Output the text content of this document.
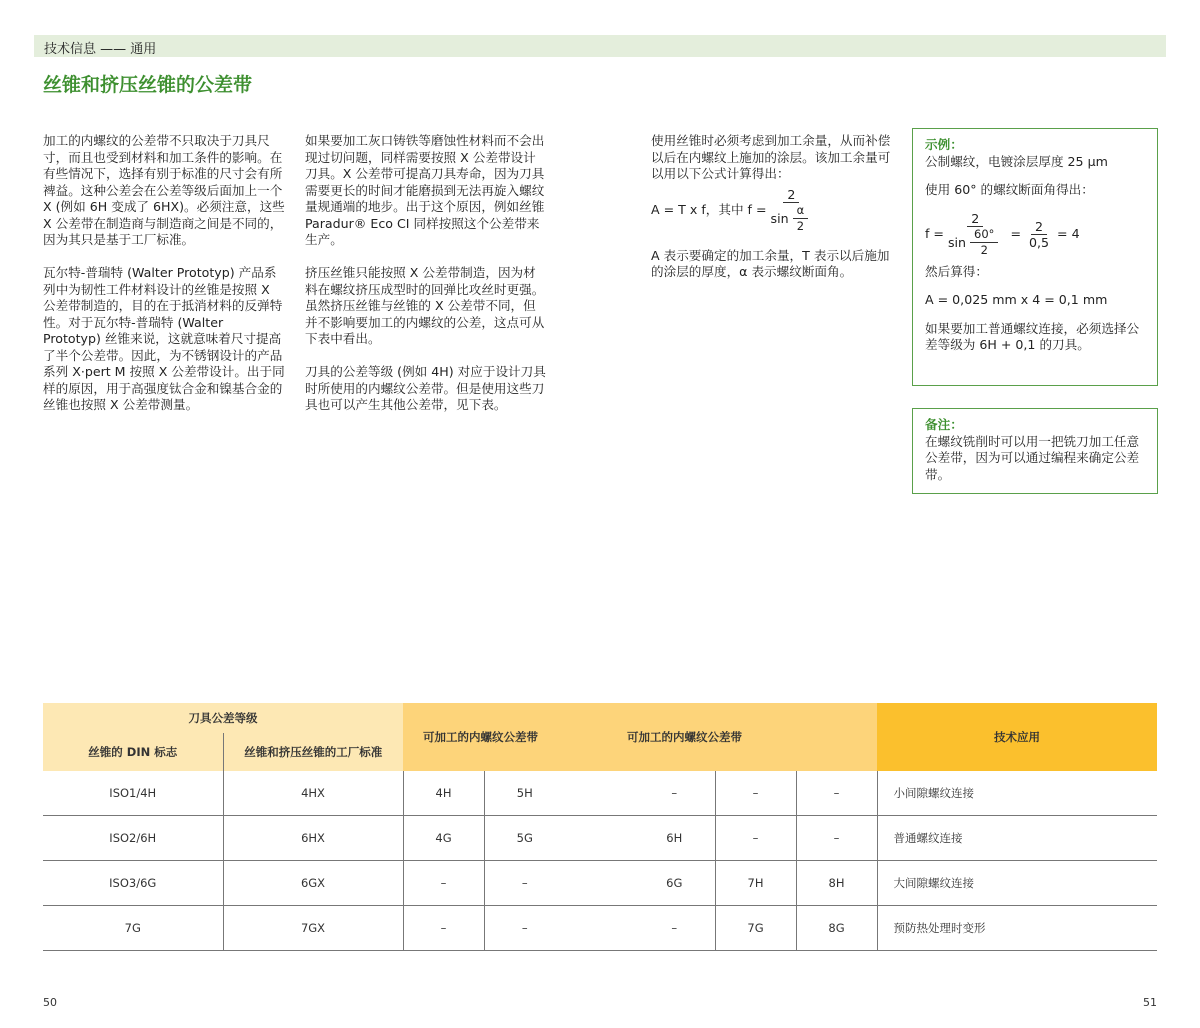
技术信息 —— 通用
丝锥和挤压丝锥的公差带

加工的内螺纹的公差带不只取决于刀具尺寸，而且也受到材料和加工条件的影响。在有些情况下，选择有别于标准的尺寸会有所裨益。这种公差会在公差等级后面加上一个 X (例如 6H 变成了 6HX)。必须注意，这些 X 公差带在制造商与制造商之间是不同的，因为其只是基于工厂标准。

瓦尔特-普瑞特 (Walter Prototyp) 产品系列中为韧性工件材料设计的丝锥是按照 X 公差带制造的，目的在于抵消材料的反弹特性。对于瓦尔特-普瑞特 (Walter Prototyp) 丝锥来说，这就意味着尺寸提高了半个公差带。因此，为不锈钢设计的产品系列 X·pert M 按照 X 公差带设计。出于同样的原因，用于高强度钛合金和镍基合金的丝锥也按照 X 公差带测量。

如果要加工灰口铸铁等磨蚀性材料而不会出现过切问题，同样需要按照 X 公差带设计刀具。X 公差带可提高刀具寿命，因为刀具需要更长的时间才能磨损到无法再旋入螺纹量规通端的地步。出于这个原因，例如丝锥 Paradur® Eco CI 同样按照这个公差带来生产。

挤压丝锥只能按照 X 公差带制造，因为材料在螺纹挤压成型时的回弹比攻丝时更强。虽然挤压丝锥与丝锥的 X 公差带不同，但并不影响要加工的内螺纹的公差，这点可从下表中看出。

刀具的公差等级 (例如 4H) 对应于设计刀具时所使用的内螺纹公差带。但是使用这些刀具也可以产生其他公差带，见下表。

使用丝锥时必须考虑到加工余量，从而补偿以后在内螺纹上施加的涂层。该加工余量可以用以下公式计算得出：

A = T x f，其中 $f = \frac{2}{\sin \frac{\alpha}{2}}$

A 表示要确定的加工余量，T 表示以后施加的涂层的厚度，α 表示螺纹断面角。

示例：

公制螺纹，电镀涂层厚度 25 µm

使用 60° 的螺纹断面角得出：

$f = \frac{2}{\sin \frac{60^\circ}{2}} = \frac{2}{0,5} = 4$

然后算得：

A = 0,025 mm x 4 = 0,1 mm

如果要加工普通螺纹连接，必须选择公差等级为 6H + 0,1 的刀具。

备注：
在螺纹铣削时可以用一把铣刀加工任意公差带，因为可以通过编程来确定公差带。
刀具公差等级		可加工的内螺纹公差带		可加工的内螺纹公差带				技术应用
丝锥的 DIN 标志	丝锥和挤压丝锥的工厂标准							
ISO1/4H	4HX	4H	5H		–	–	–	小间隙螺纹连接
ISO2/6H	6HX	4G	5G		6H	–	–	普通螺纹连接
ISO3/6G	6GX	–	–		6G	7H	8H	大间隙螺纹连接
7G	7GX	–	–		–	7G	8G	预防热处理时变形
50	51
